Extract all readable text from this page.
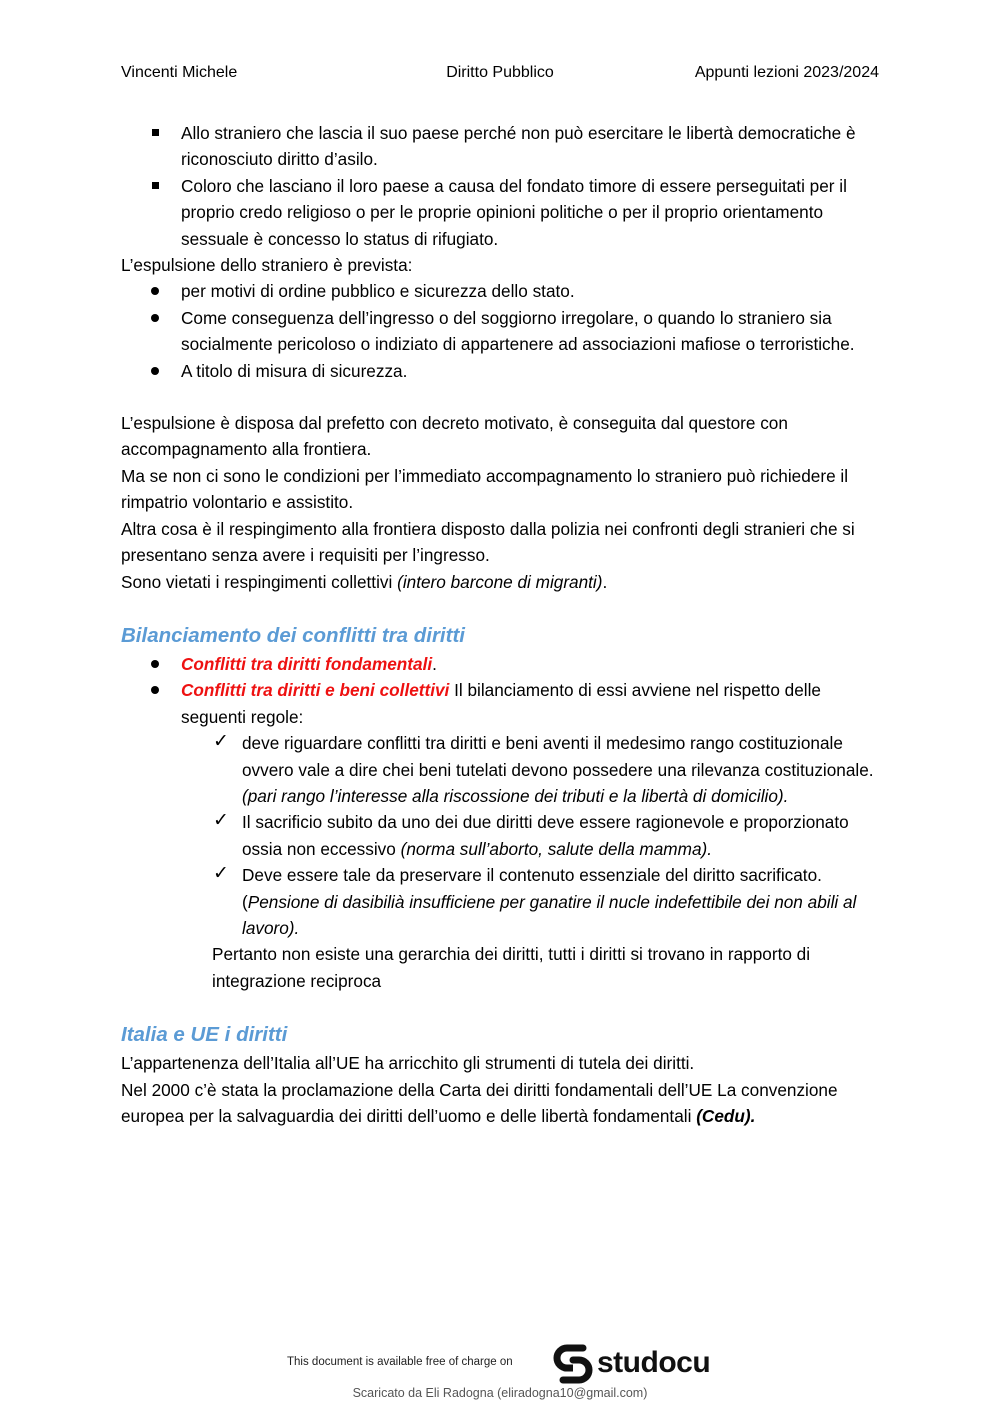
Vincenti Michele	Diritto Pubblico	Appunti lezioni 2023/2024
Allo straniero che lascia il suo paese perché non può esercitare le libertà democratiche è riconosciuto diritto d’asilo.
Coloro che lasciano il loro paese a causa del fondato timore di essere perseguitati per il proprio credo religioso o per le proprie opinioni politiche o per il proprio orientamento sessuale è concesso lo status di rifugiato.

L’espulsione dello straniero è prevista:

per motivi di ordine pubblico e sicurezza dello stato.
Come conseguenza dell’ingresso o del soggiorno irregolare, o quando lo straniero sia socialmente pericoloso o indiziato di appartenere ad associazioni mafiose o terroristiche.
A titolo di misura di sicurezza.

L’espulsione è disposa dal prefetto con decreto motivato, è conseguita dal questore con accompagnamento alla frontiera.

Ma se non ci sono le condizioni per l’immediato accompagnamento lo straniero può richiedere il rimpatrio volontario e assistito.

Altra cosa è il respingimento alla frontiera disposto dalla polizia nei confronti degli stranieri che si presentano senza avere i requisiti per l’ingresso.

Sono vietati i respingimenti collettivi (intero barcone di migranti).

Bilanciamento dei conflitti tra diritti
Conflitti tra diritti fondamentali.
Conflitti tra diritti e beni collettivi Il bilanciamento di essi avviene nel rispetto delle seguenti regole:
✓ deve riguardare conflitti tra diritti e beni aventi il medesimo rango costituzionale ovvero vale a dire chei beni tutelati devono possedere una rilevanza costituzionale. (pari rango l’interesse alla riscossione dei tributi e la libertà di domicilio).
✓ Il sacrificio subito da uno dei due diritti deve essere ragionevole e proporzionato ossia non eccessivo (norma sull’aborto, salute della mamma).
✓ Deve essere tale da preservare il contenuto essenziale del diritto sacrificato. (Pensione di dasibilià insufficiene per ganatire il nucle indefettibile dei non abili al lavoro).

Pertanto non esiste una gerarchia dei diritti, tutti i diritti si trovano in rapporto di integrazione reciproca

Italia e UE i diritti

L’appartenenza dell’Italia all’UE ha arricchito gli strumenti di tutela dei diritti.

Nel 2000 c’è stata la proclamazione della Carta dei diritti fondamentali dell’UE La convenzione europea per la salvaguardia dei diritti dell’uomo e delle libertà fondamentali (Cedu).

This document is available free of charge on	studocu
Scaricato da Eli Radogna (eliradogna10@gmail.com)
